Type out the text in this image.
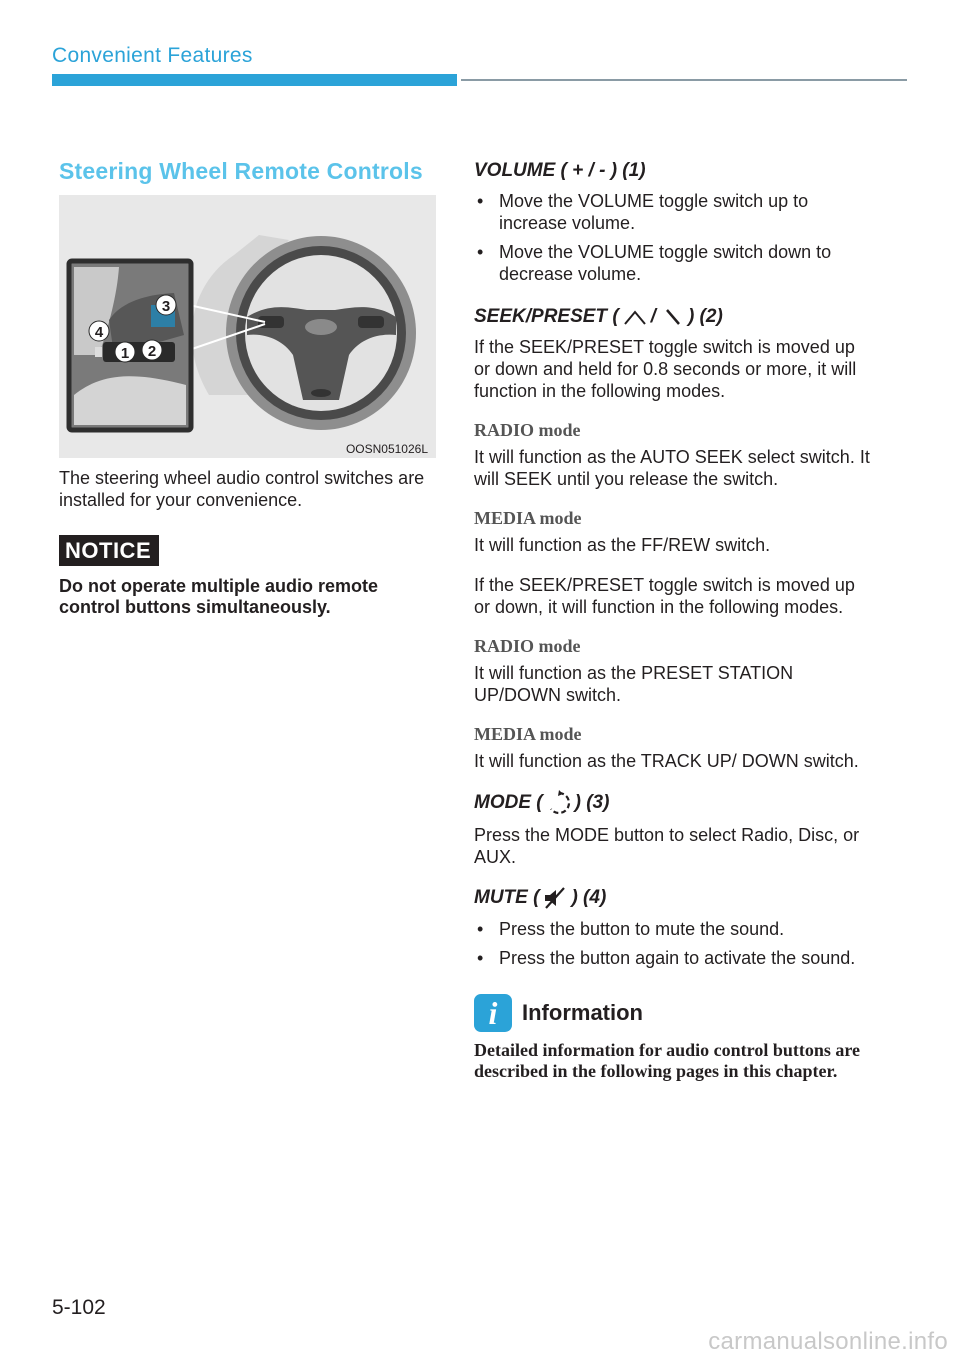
Convenient Features
Steering Wheel Remote Controls
1 2
3
4
OOSN051026L

The steering wheel audio control switches are installed for your convenience.

NOTICE
Do not operate multiple audio remote control buttons simultaneously.
VOLUME ( + / - ) (1)
• Move the VOLUME toggle switch up to increase volume.
• Move the VOLUME toggle switch down to decrease volume.
SEEK/PRESET ( / ) (2)

If the SEEK/PRESET toggle switch is moved up or down and held for 0.8 seconds or more, it will function in the following modes.

RADIO mode

It will function as the AUTO SEEK select switch. It will SEEK until you release the switch.

MEDIA mode

It will function as the FF/REW switch.

If the SEEK/PRESET toggle switch is moved up or down, it will function in the following modes.

RADIO mode

It will function as the PRESET STATION UP/DOWN switch.

MEDIA mode

It will function as the TRACK UP/ DOWN switch.

MODE ( ) (3)

Press the MODE button to select Radio, Disc, or AUX.

MUTE ( ) (4)
• Press the button to mute the sound.
• Press the button again to activate the sound.
i	Information
Detailed information for audio control buttons are described in the following pages in this chapter.
5-102
carmanualsonline.info
